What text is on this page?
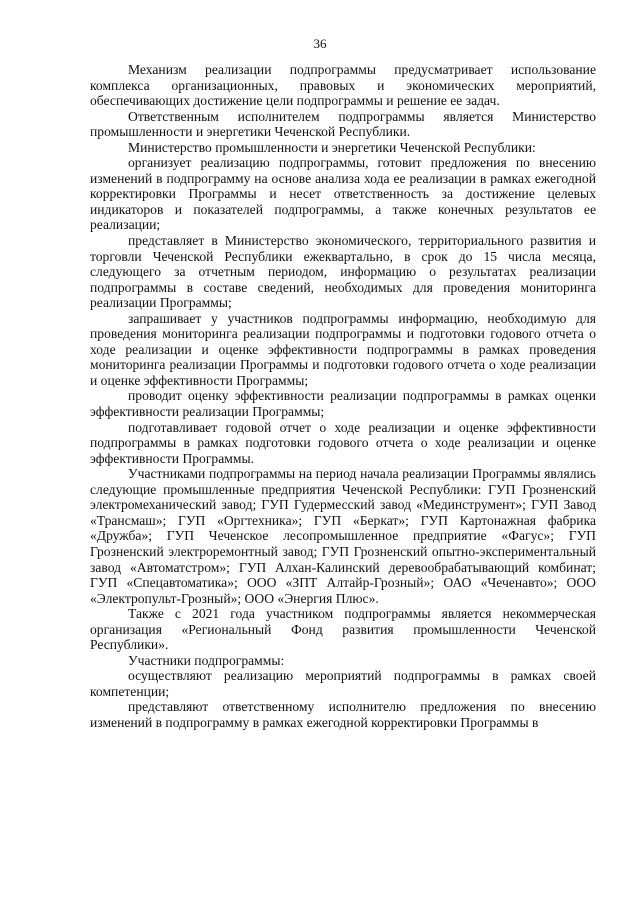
36

Механизм реализации подпрограммы предусматривает использование комплекса организационных, правовых и экономических мероприятий, обеспечивающих достижение цели подпрограммы и решение ее задач.

Ответственным исполнителем подпрограммы является Министерство промышленности и энергетики Чеченской Республики.

Министерство промышленности и энергетики Чеченской Республики:

организует реализацию подпрограммы, готовит предложения по внесению изменений в подпрограмму на основе анализа хода ее реализации в рамках ежегодной корректировки Программы и несет ответственность за достижение целевых индикаторов и показателей подпрограммы, а также конечных результатов ее реализации;

представляет в Министерство экономического, территориального развития и торговли Чеченской Республики ежеквартально, в срок до 15 числа месяца, следующего за отчетным периодом, информацию о результатах реализации подпрограммы в составе сведений, необходимых для проведения мониторинга реализации Программы;

запрашивает у участников подпрограммы информацию, необходимую для проведения мониторинга реализации подпрограммы и подготовки годового отчета о ходе реализации и оценке эффективности подпрограммы в рамках проведения мониторинга реализации Программы и подготовки годового отчета о ходе реализации и оценке эффективности Программы;

проводит оценку эффективности реализации подпрограммы в рамках оценки эффективности реализации Программы;

подготавливает годовой отчет о ходе реализации и оценке эффективности подпрограммы в рамках подготовки годового отчета о ходе реализации и оценке эффективности Программы.

Участниками подпрограммы на период начала реализации Программы являлись следующие промышленные предприятия Чеченской Республики: ГУП Грозненский электромеханический завод; ГУП Гудермесский завод «Мединструмент»; ГУП Завод «Трансмаш»; ГУП «Оргтехника»; ГУП «Беркат»; ГУП Картонажная фабрика «Дружба»; ГУП Чеченское лесопромышленное предприятие «Фагус»; ГУП Грозненский электроремонтный завод; ГУП Грозненский опытно-экспериментальный завод «Автоматстром»; ГУП Алхан-Калинский деревообрабатывающий комбинат; ГУП «Спецавтоматика»; ООО «ЗПТ Алтайр-Грозный»; ОАО «Чеченавто»; ООО «Электропульт-Грозный»; ООО «Энергия Плюс».

Также с 2021 года участником подпрограммы является некоммерческая организация «Региональный Фонд развития промышленности Чеченской Республики».

Участники подпрограммы:

осуществляют реализацию мероприятий подпрограммы в рамках своей компетенции;

представляют ответственному исполнителю предложения по внесению изменений в подпрограмму в рамках ежегодной корректировки Программы в
